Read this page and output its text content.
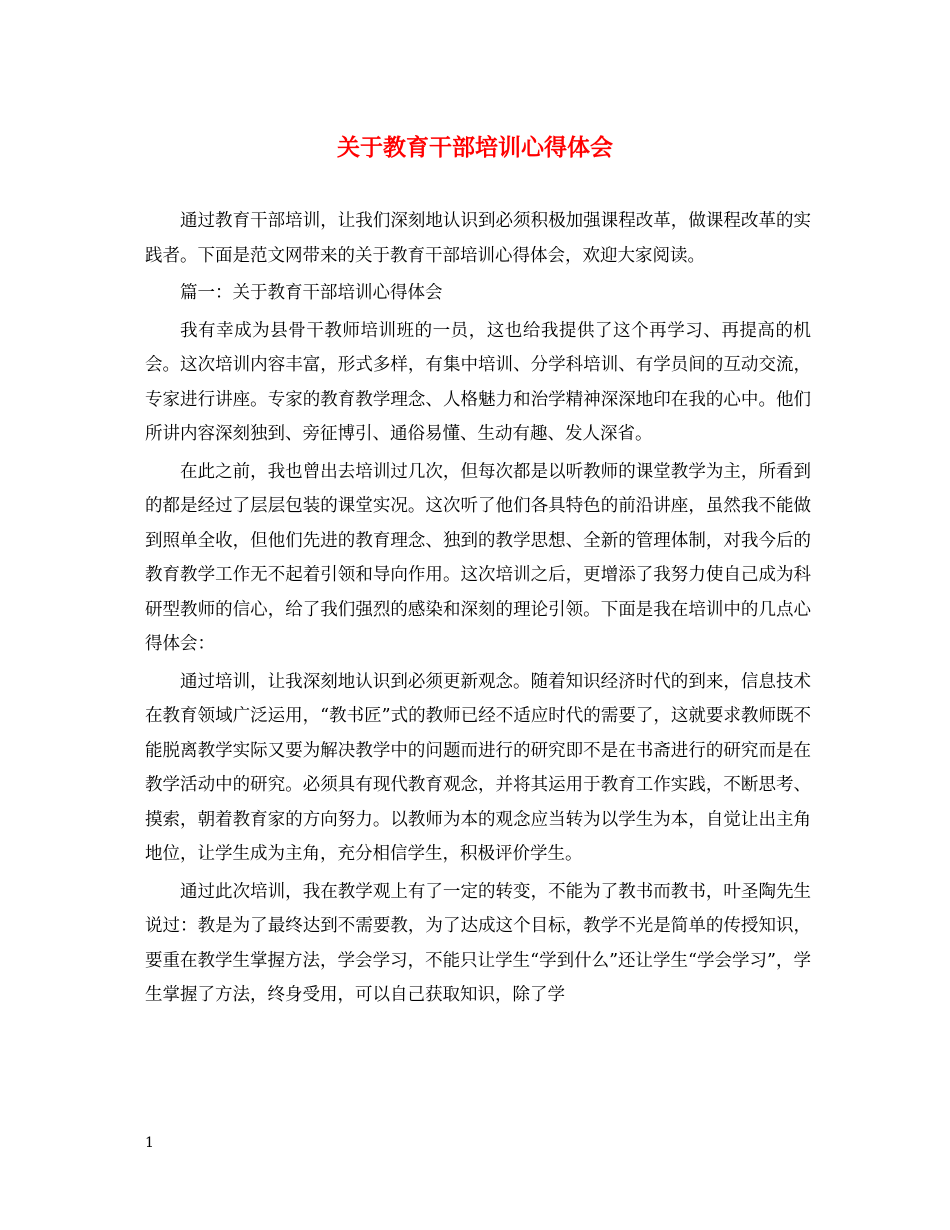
关于教育干部培训心得体会

通过教育干部培训，让我们深刻地认识到必须积极加强课程改革，做课程改革的实践者。下面是范文网带来的关于教育干部培训心得体会，欢迎大家阅读。

篇一：关于教育干部培训心得体会

我有幸成为县骨干教师培训班的一员，这也给我提供了这个再学习、再提高的机会。这次培训内容丰富，形式多样，有集中培训、分学科培训、有学员间的互动交流，专家进行讲座。专家的教育教学理念、人格魅力和治学精神深深地印在我的心中。他们所讲内容深刻独到、旁征博引、通俗易懂、生动有趣、发人深省。

在此之前，我也曾出去培训过几次，但每次都是以听教师的课堂教学为主，所看到的都是经过了层层包装的课堂实况。这次听了他们各具特色的前沿讲座，虽然我不能做到照单全收，但他们先进的教育理念、独到的教学思想、全新的管理体制，对我今后的教育教学工作无不起着引领和导向作用。这次培训之后，更增添了我努力使自己成为科研型教师的信心，给了我们强烈的感染和深刻的理论引领。下面是我在培训中的几点心得体会：

通过培训，让我深刻地认识到必须更新观念。随着知识经济时代的到来，信息技术在教育领域广泛运用，“教书匠”式的教师已经不适应时代的需要了，这就要求教师既不能脱离教学实际又要为解决教学中的问题而进行的研究即不是在书斋进行的研究而是在教学活动中的研究。必须具有现代教育观念，并将其运用于教育工作实践，不断思考、摸索，朝着教育家的方向努力。以教师为本的观念应当转为以学生为本，自觉让出主角地位，让学生成为主角，充分相信学生，积极评价学生。

通过此次培训，我在教学观上有了一定的转变，不能为了教书而教书，叶圣陶先生说过：教是为了最终达到不需要教，为了达成这个目标，教学不光是简单的传授知识，要重在教学生掌握方法，学会学习，不能只让学生“学到什么”还让学生“学会学习”，学生掌握了方法，终身受用，可以自己获取知识，除了学

1
